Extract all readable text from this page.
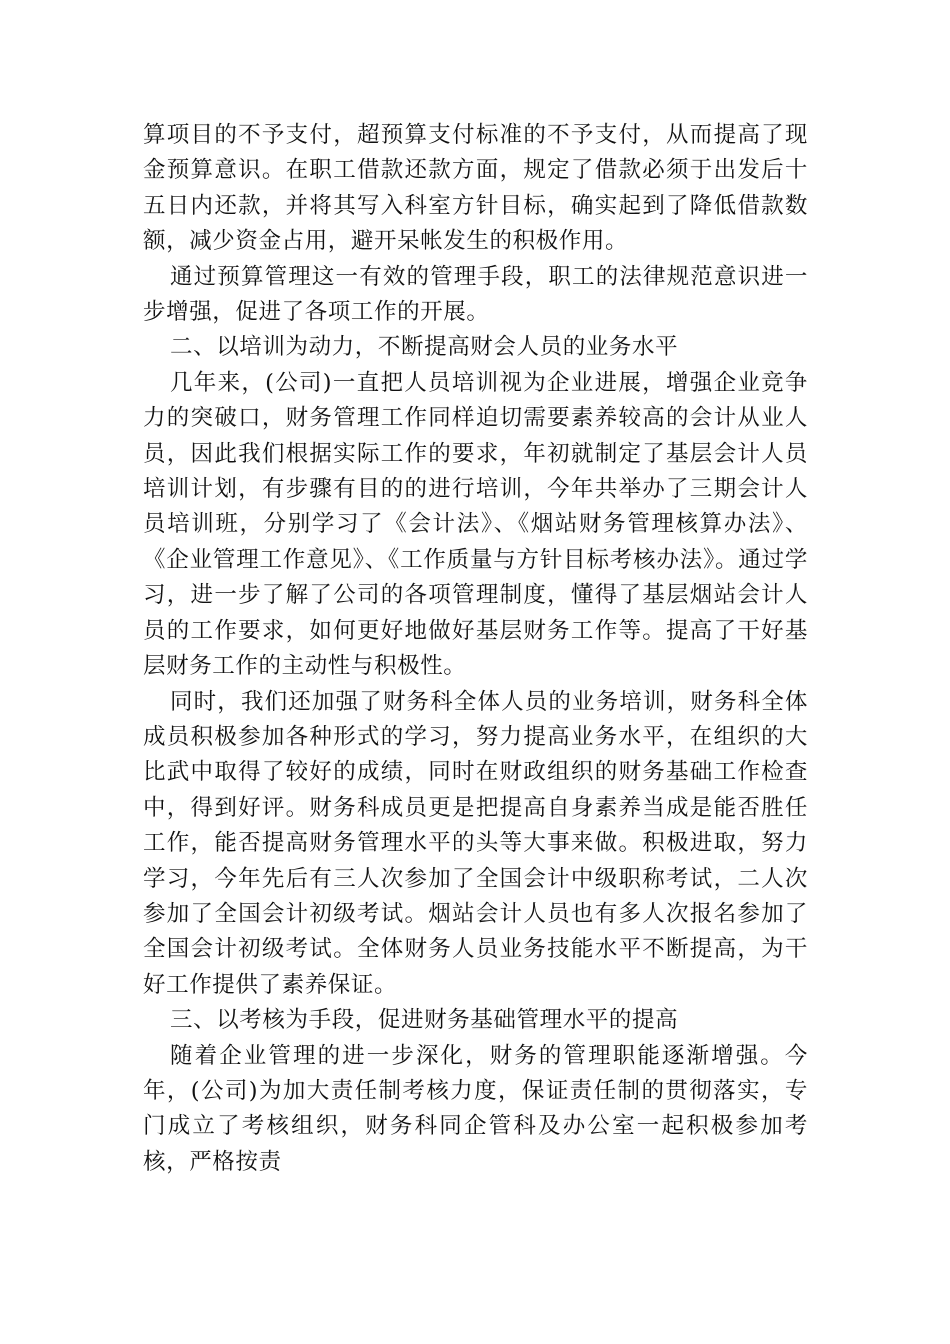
算项目的不予支付，超预算支付标准的不予支付，从而提高了现金预算意识。在职工借款还款方面，规定了借款必须于出发后十五日内还款，并将其写入科室方针目标，确实起到了降低借款数额，减少资金占用，避开呆帐发生的积极作用。

通过预算管理这一有效的管理手段，职工的法律规范意识进一步增强，促进了各项工作的开展。

二、以培训为动力，不断提高财会人员的业务水平

几年来，(公司)一直把人员培训视为企业进展，增强企业竞争力的突破口，财务管理工作同样迫切需要素养较高的会计从业人员，因此我们根据实际工作的要求，年初就制定了基层会计人员培训计划，有步骤有目的的进行培训，今年共举办了三期会计人员培训班，分别学习了《会计法》、《烟站财务管理核算办法》、《企业管理工作意见》、《工作质量与方针目标考核办法》。通过学习，进一步了解了公司的各项管理制度，懂得了基层烟站会计人员的工作要求，如何更好地做好基层财务工作等。提高了干好基层财务工作的主动性与积极性。

同时，我们还加强了财务科全体人员的业务培训，财务科全体成员积极参加各种形式的学习，努力提高业务水平，在组织的大比武中取得了较好的成绩，同时在财政组织的财务基础工作检查中，得到好评。财务科成员更是把提高自身素养当成是能否胜任工作，能否提高财务管理水平的头等大事来做。积极进取，努力学习，今年先后有三人次参加了全国会计中级职称考试，二人次参加了全国会计初级考试。烟站会计人员也有多人次报名参加了全国会计初级考试。全体财务人员业务技能水平不断提高，为干好工作提供了素养保证。

三、以考核为手段，促进财务基础管理水平的提高

随着企业管理的进一步深化，财务的管理职能逐渐增强。今年，(公司)为加大责任制考核力度，保证责任制的贯彻落实，专门成立了考核组织，财务科同企管科及办公室一起积极参加考核，严格按责
